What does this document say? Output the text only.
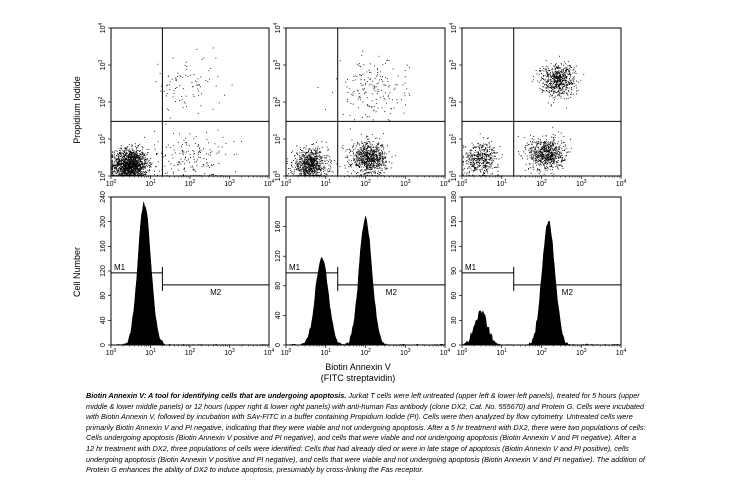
Propidium Iodide
Cell Number
Biotin Annexin V
(FITC streptavidin)
$10^0$	$10^1$	$10^2$	$10^3$	$10^4$
$10^0$
$10^1$
$10^2$
$10^3$
$10^4$
$10^0$	$10^1$	$10^2$	$10^3$	$10^4$
$10^0$
$10^1$
$10^2$
$10^3$
$10^4$
$10^0$	$10^1$	$10^2$	$10^3$	$10^4$
$10^0$
$10^1$
$10^2$
$10^3$
$10^4$
$10^0$	$10^1$	$10^2$	$10^3$	$10^4$
0
40
80
120
160
200
240
M1
M2
$10^0$	$10^1$	$10^2$	$10^3$	$10^4$
0
40
80
120
160
M1
M2
$10^0$	$10^1$	$10^2$	$10^3$	$10^4$
0
30
60
90
120
150
180
M1
M2
Biotin Annexin V: A tool for identifying cells that are undergoing apoptosis. Jurkat T cells were left untreated (upper left & lower left panels), treated for 5 hours (upper middle & lower middle panels) or 12 hours (upper right & lower right panels) with anti-human Fas antibody (clone DX2, Cat. No. 555670) and Protein G. Cells were incubated with Biotin Annexin V, followed by incubation with SAv-FITC in a buffer containing Propidium Iodide (PI). Cells were then analyzed by flow cytometry. Untreated cells were primarily Biotin Annexin V and PI negative, indicating that they were viable and not undergoing apoptosis. After a 5 hr treatment with DX2, there were two populations of cells: Cells undergoing apoptosis (Biotin Annexin V positive and PI negative), and cells that were viable and not undergoing apoptosis (Biotin Annexin V and PI negative). After a 12 hr treatment with DX2, three populations of cells were identified: Cells that had already died or were in late stage of apoptosis (Biotin Annexin V and PI positive), cells undergoing apoptosis (Biotin Annexin V positive and PI negative), and cells that were viable and not undergoing apoptosis (Biotin Annexin V and PI negative). The addition of Protein G enhances the ability of DX2 to induce apoptosis, presumably by cross-linking the Fas receptor.
